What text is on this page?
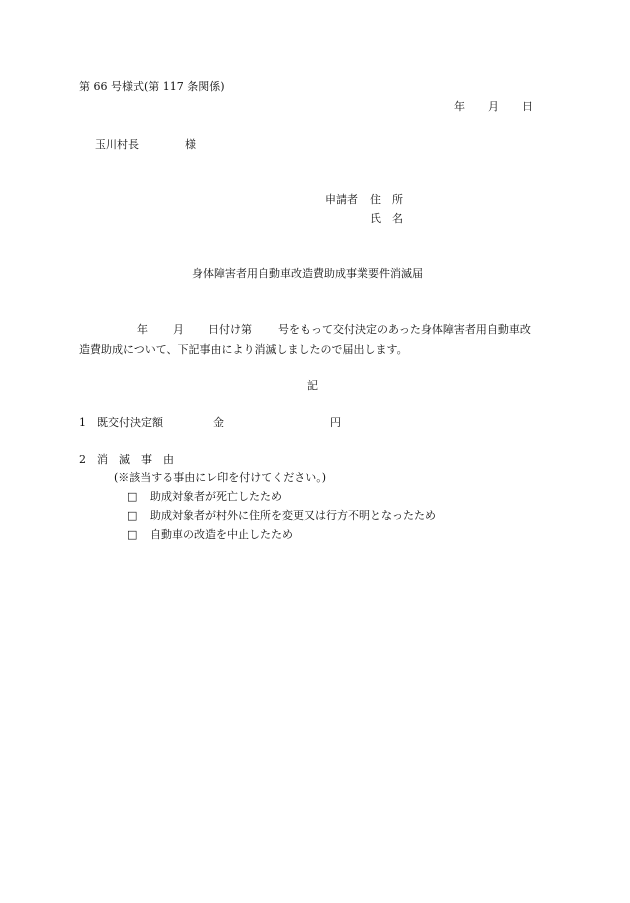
第 66 号様式(第 117 条関係)
年 月 日
玉川村長	様
申請者 住　所
氏　名
身体障害者用自動車改造費助成事業要件消滅届
年 月 日付け第 号をもって交付決定のあった身体障害者用自動車改
造費助成について、下記事由により消滅しましたので届出します。
記
1 既交付決定額	金	円
2 消　滅　事　由
(※該当する事由にレ印を付けてください。)
□ 助成対象者が死亡したため
□ 助成対象者が村外に住所を変更又は行方不明となったため
□ 自動車の改造を中止したため
